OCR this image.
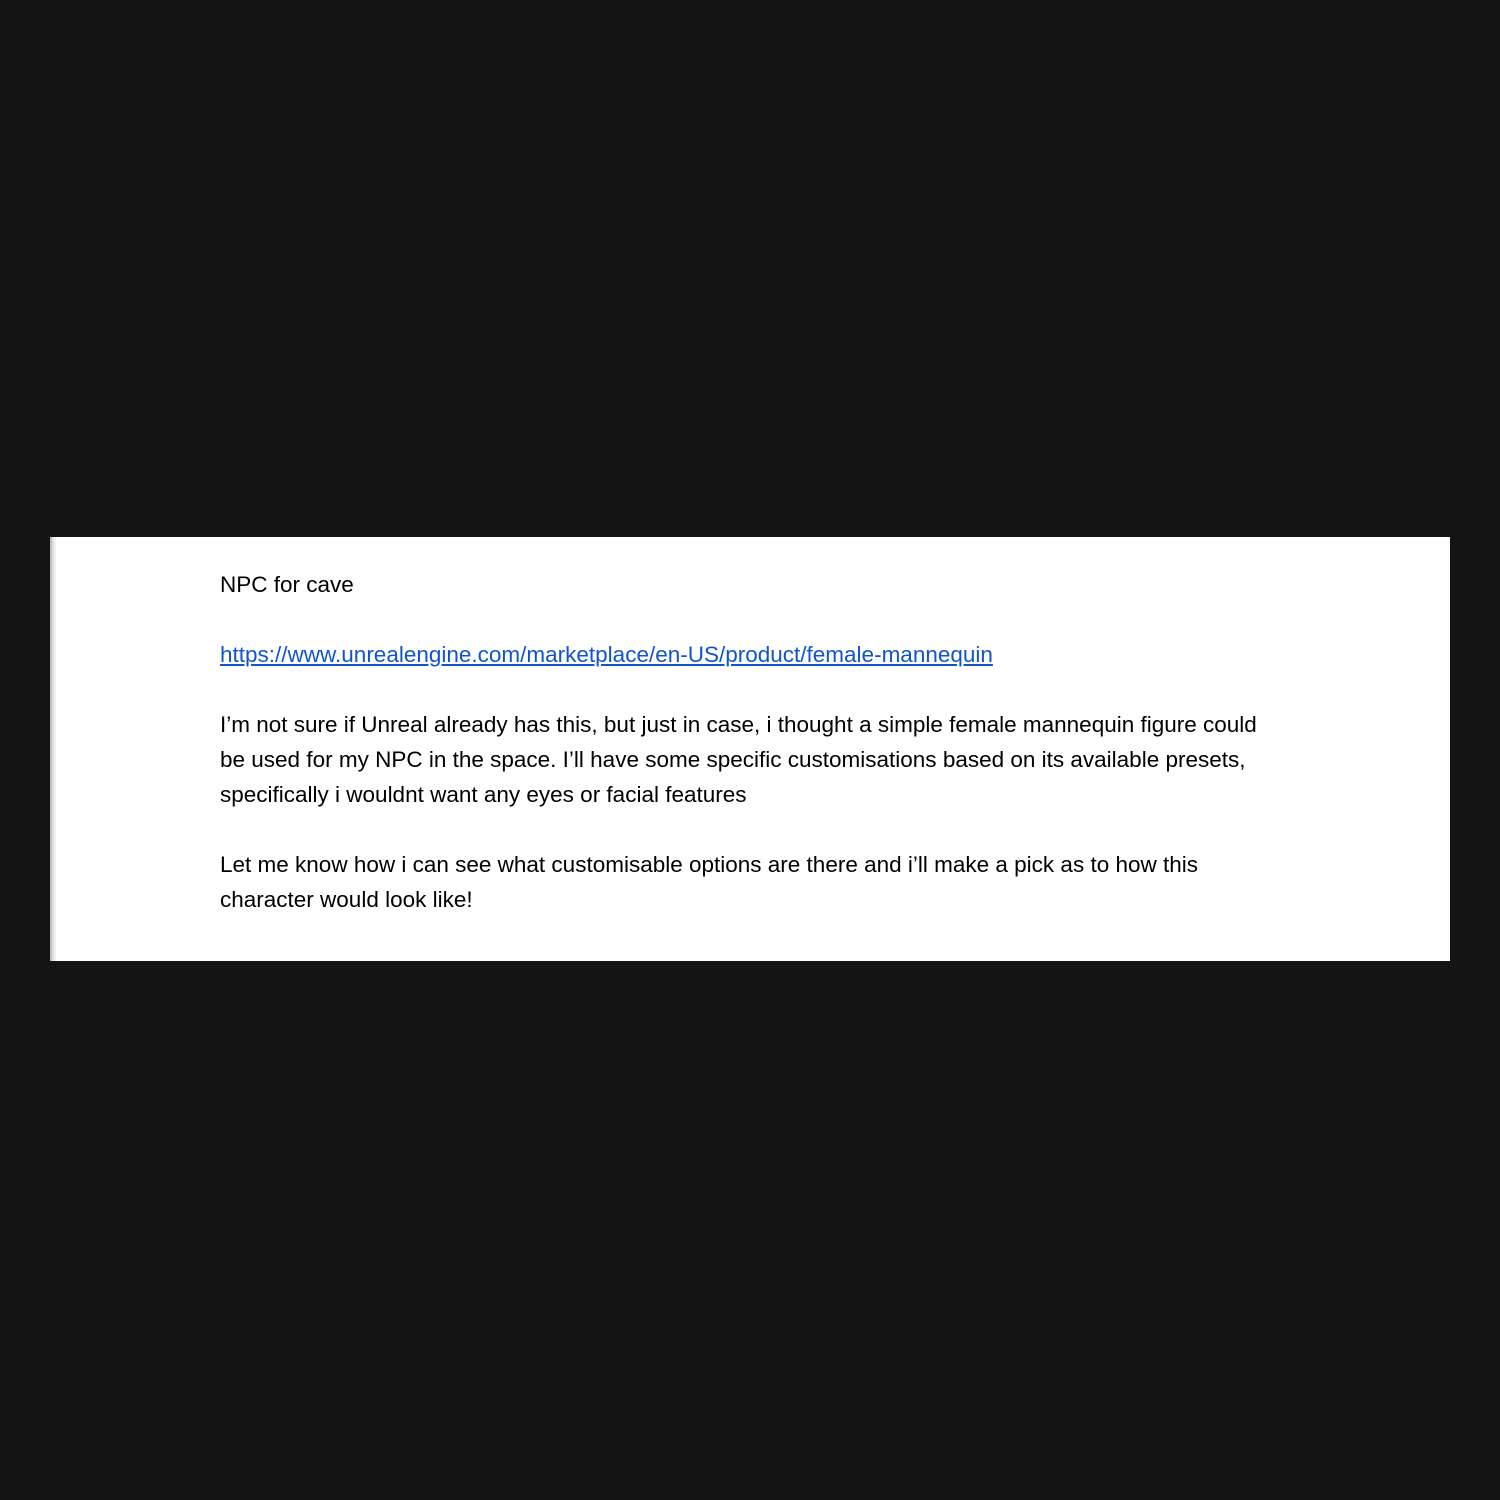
NPC for cave
https://www.unrealengine.com/marketplace/en-US/product/female-mannequin

I’m not sure if Unreal already has this, but just in case, i thought a simple female mannequin figure could be used for my NPC in the space. I’ll have some specific customisations based on its available presets, specifically i wouldnt want any eyes or facial features

Let me know how i can see what customisable options are there and i’ll make a pick as to how this character would look like!
